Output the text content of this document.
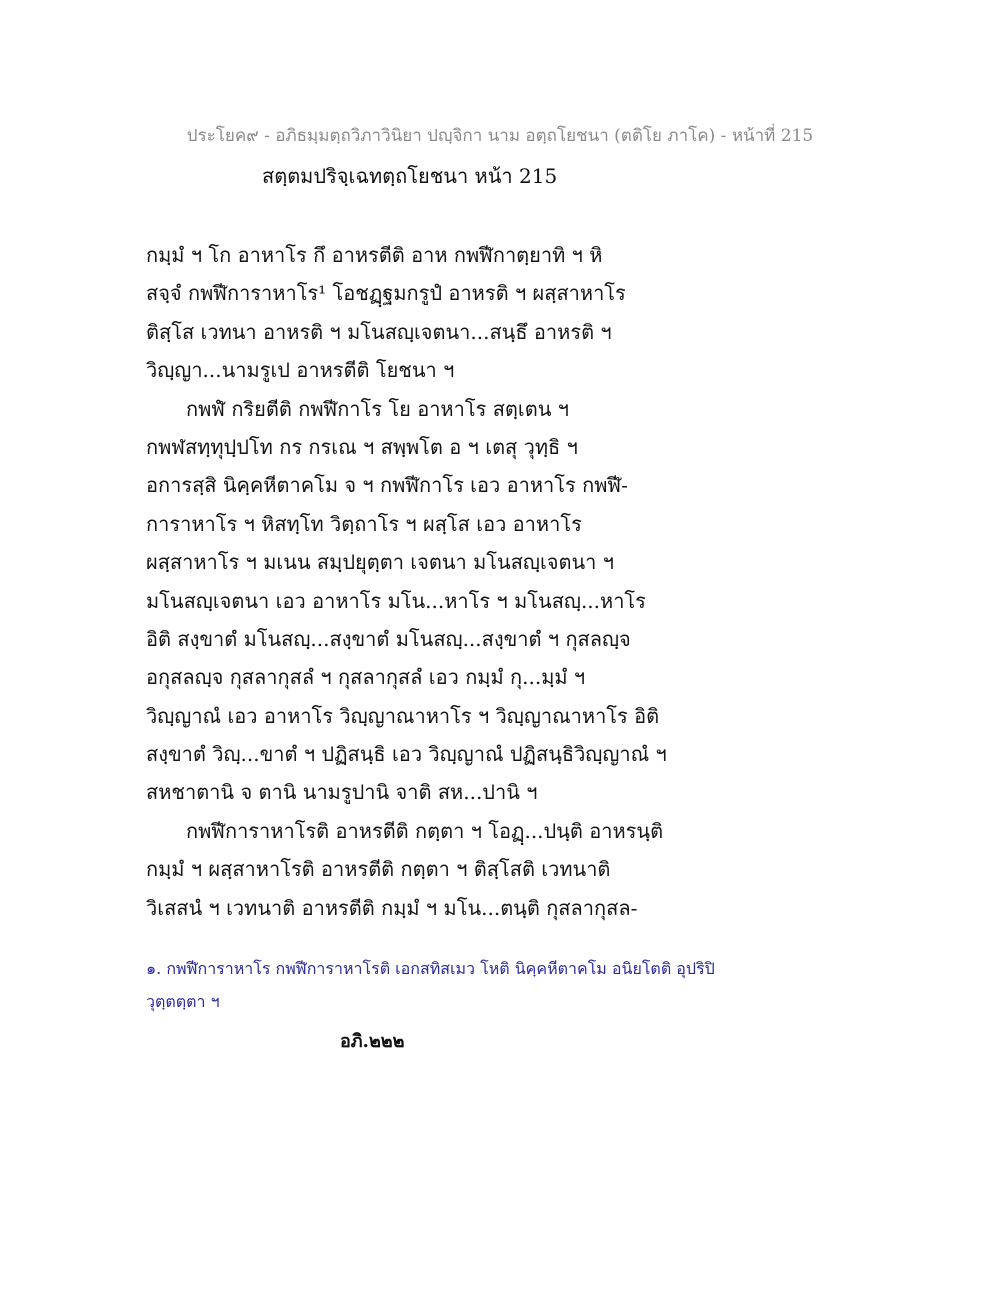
ประโยค๙ - อภิธมฺมตฺถวิภาวินิยา ปญฺจิกา นาม อตฺถโยชนา (ตติโย ภาโค) - หน้าที่ 215
สตฺตมปริจฺเฉทตฺถโยชนา หน้า 215
กมฺมํ ฯ โก อาหาโร กึ อาหรตีติ อาห กพฬีกาตฺยาทิ ฯ หิ
สจฺจํ กพฬีการาหาโร¹ โอชฏฺฐมกรูปํ อาหรติ ฯ ผสฺสาหาโร
ติสฺโส เวทนา อาหรติ ฯ มโนสญฺเจตนา...สนฺธึ อาหรติ ฯ
วิญฺญา...นามรูเป อาหรตีติ โยชนา ฯ
กพฬํ กริยตีติ กพฬีกาโร โย อาหาโร สตฺเตน ฯ
กพฬสทฺทุปฺปโท กร กรเณ ฯ สพฺพโต อ ฯ เตสุ วุทฺธิ ฯ
อการสฺสิ นิคฺคหีตาคโม จ ฯ กพฬีกาโร เอว อาหาโร กพฬี-
การาหาโร ฯ หิสทฺโท วิตฺถาโร ฯ ผสฺโส เอว อาหาโร
ผสฺสาหาโร ฯ มเนน สมฺปยุตฺตา เจตนา มโนสญฺเจตนา ฯ
มโนสญฺเจตนา เอว อาหาโร มโน...หาโร ฯ มโนสญฺ...หาโร
อิติ สงฺขาตํ มโนสญฺ...สงฺขาตํ มโนสญฺ...สงฺขาตํ ฯ กุสลญฺจ
อกุสลญฺจ กุสลากุสลํ ฯ กุสลากุสลํ เอว กมฺมํ กุ...มฺมํ ฯ
วิญฺญาณํ เอว อาหาโร วิญฺญาณาหาโร ฯ วิญฺญาณาหาโร อิติ
สงฺขาตํ วิญฺ...ขาตํ ฯ ปฏิสนฺธิ เอว วิญฺญาณํ ปฏิสนฺธิวิญฺญาณํ ฯ
สหชาตานิ จ ตานิ นามรูปานิ จาติ สห...ปานิ ฯ
กพฬีการาหาโรติ อาหรตีติ กตฺตา ฯ โอฏฺ...ปนฺติ อาหรนฺติ
กมฺมํ ฯ ผสฺสาหาโรติ อาหรตีติ กตฺตา ฯ ติสฺโสติ เวทนาติ
วิเสสนํ ฯ เวทนาติ อาหรตีติ กมฺมํ ฯ มโน...ตนฺติ กุสลากุสล-
๑. กพฬีการาหาโร กพฬีการาหาโรติ เอกสทิสเมว โหติ นิคฺคหีตาคโม อนิยโตติ อุปริปิ
วุตฺตตฺตา ฯ
อภิ.๒๒๒
